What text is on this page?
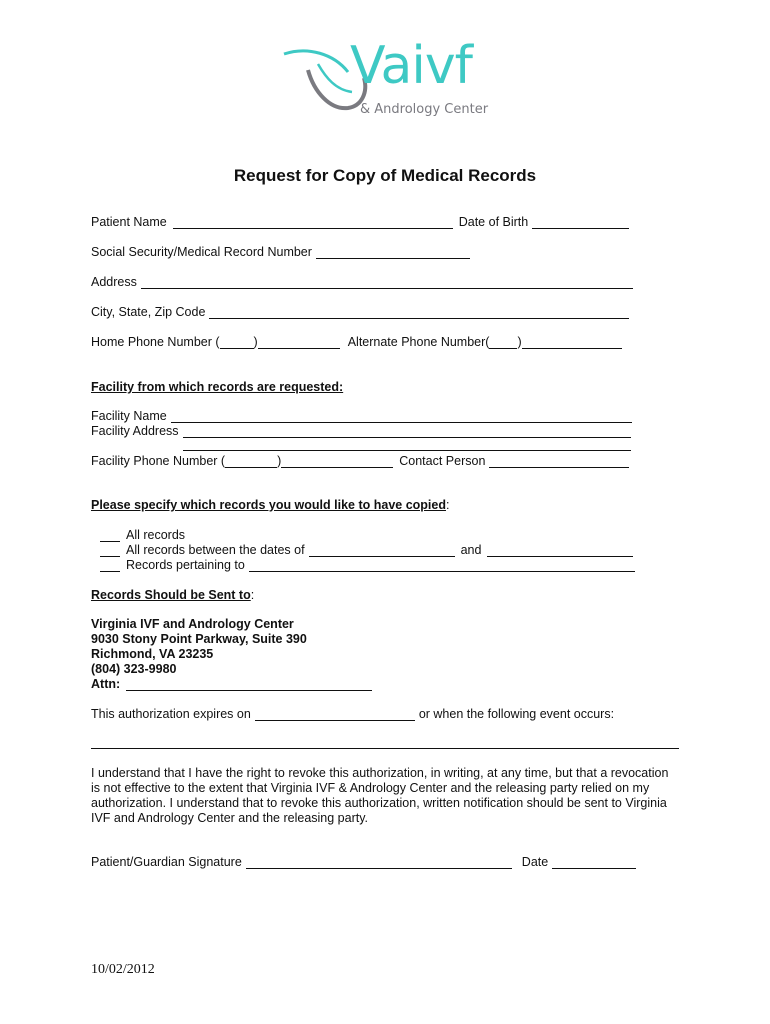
Vaivf
& Andrology Center
Request for Copy of Medical Records
Patient Name	Date of Birth
Social Security/Medical Record Number
Address
City, State, Zip Code
Home Phone Number (	)	Alternate Phone Number( )
Facility from which records are requested:
Facility Name
Facility Address
Facility Phone Number (	)	Contact Person
Please specify which records you would like to have copied:
All records
All records between the dates of	and
Records pertaining to
Records Should be Sent to:
Virginia IVF and Andrology Center
9030 Stony Point Parkway, Suite 390
Richmond, VA 23235
(804) 323-9980
Attn:
This authorization expires on	or when the following event occurs:
I understand that I have the right to revoke this authorization, in writing, at any time, but that a revocation
is not effective to the extent that Virginia IVF & Andrology Center and the releasing party relied on my
authorization. I understand that to revoke this authorization, written notification should be sent to Virginia
IVF and Andrology Center and the releasing party.
Patient/Guardian Signature	Date
10/02/2012
